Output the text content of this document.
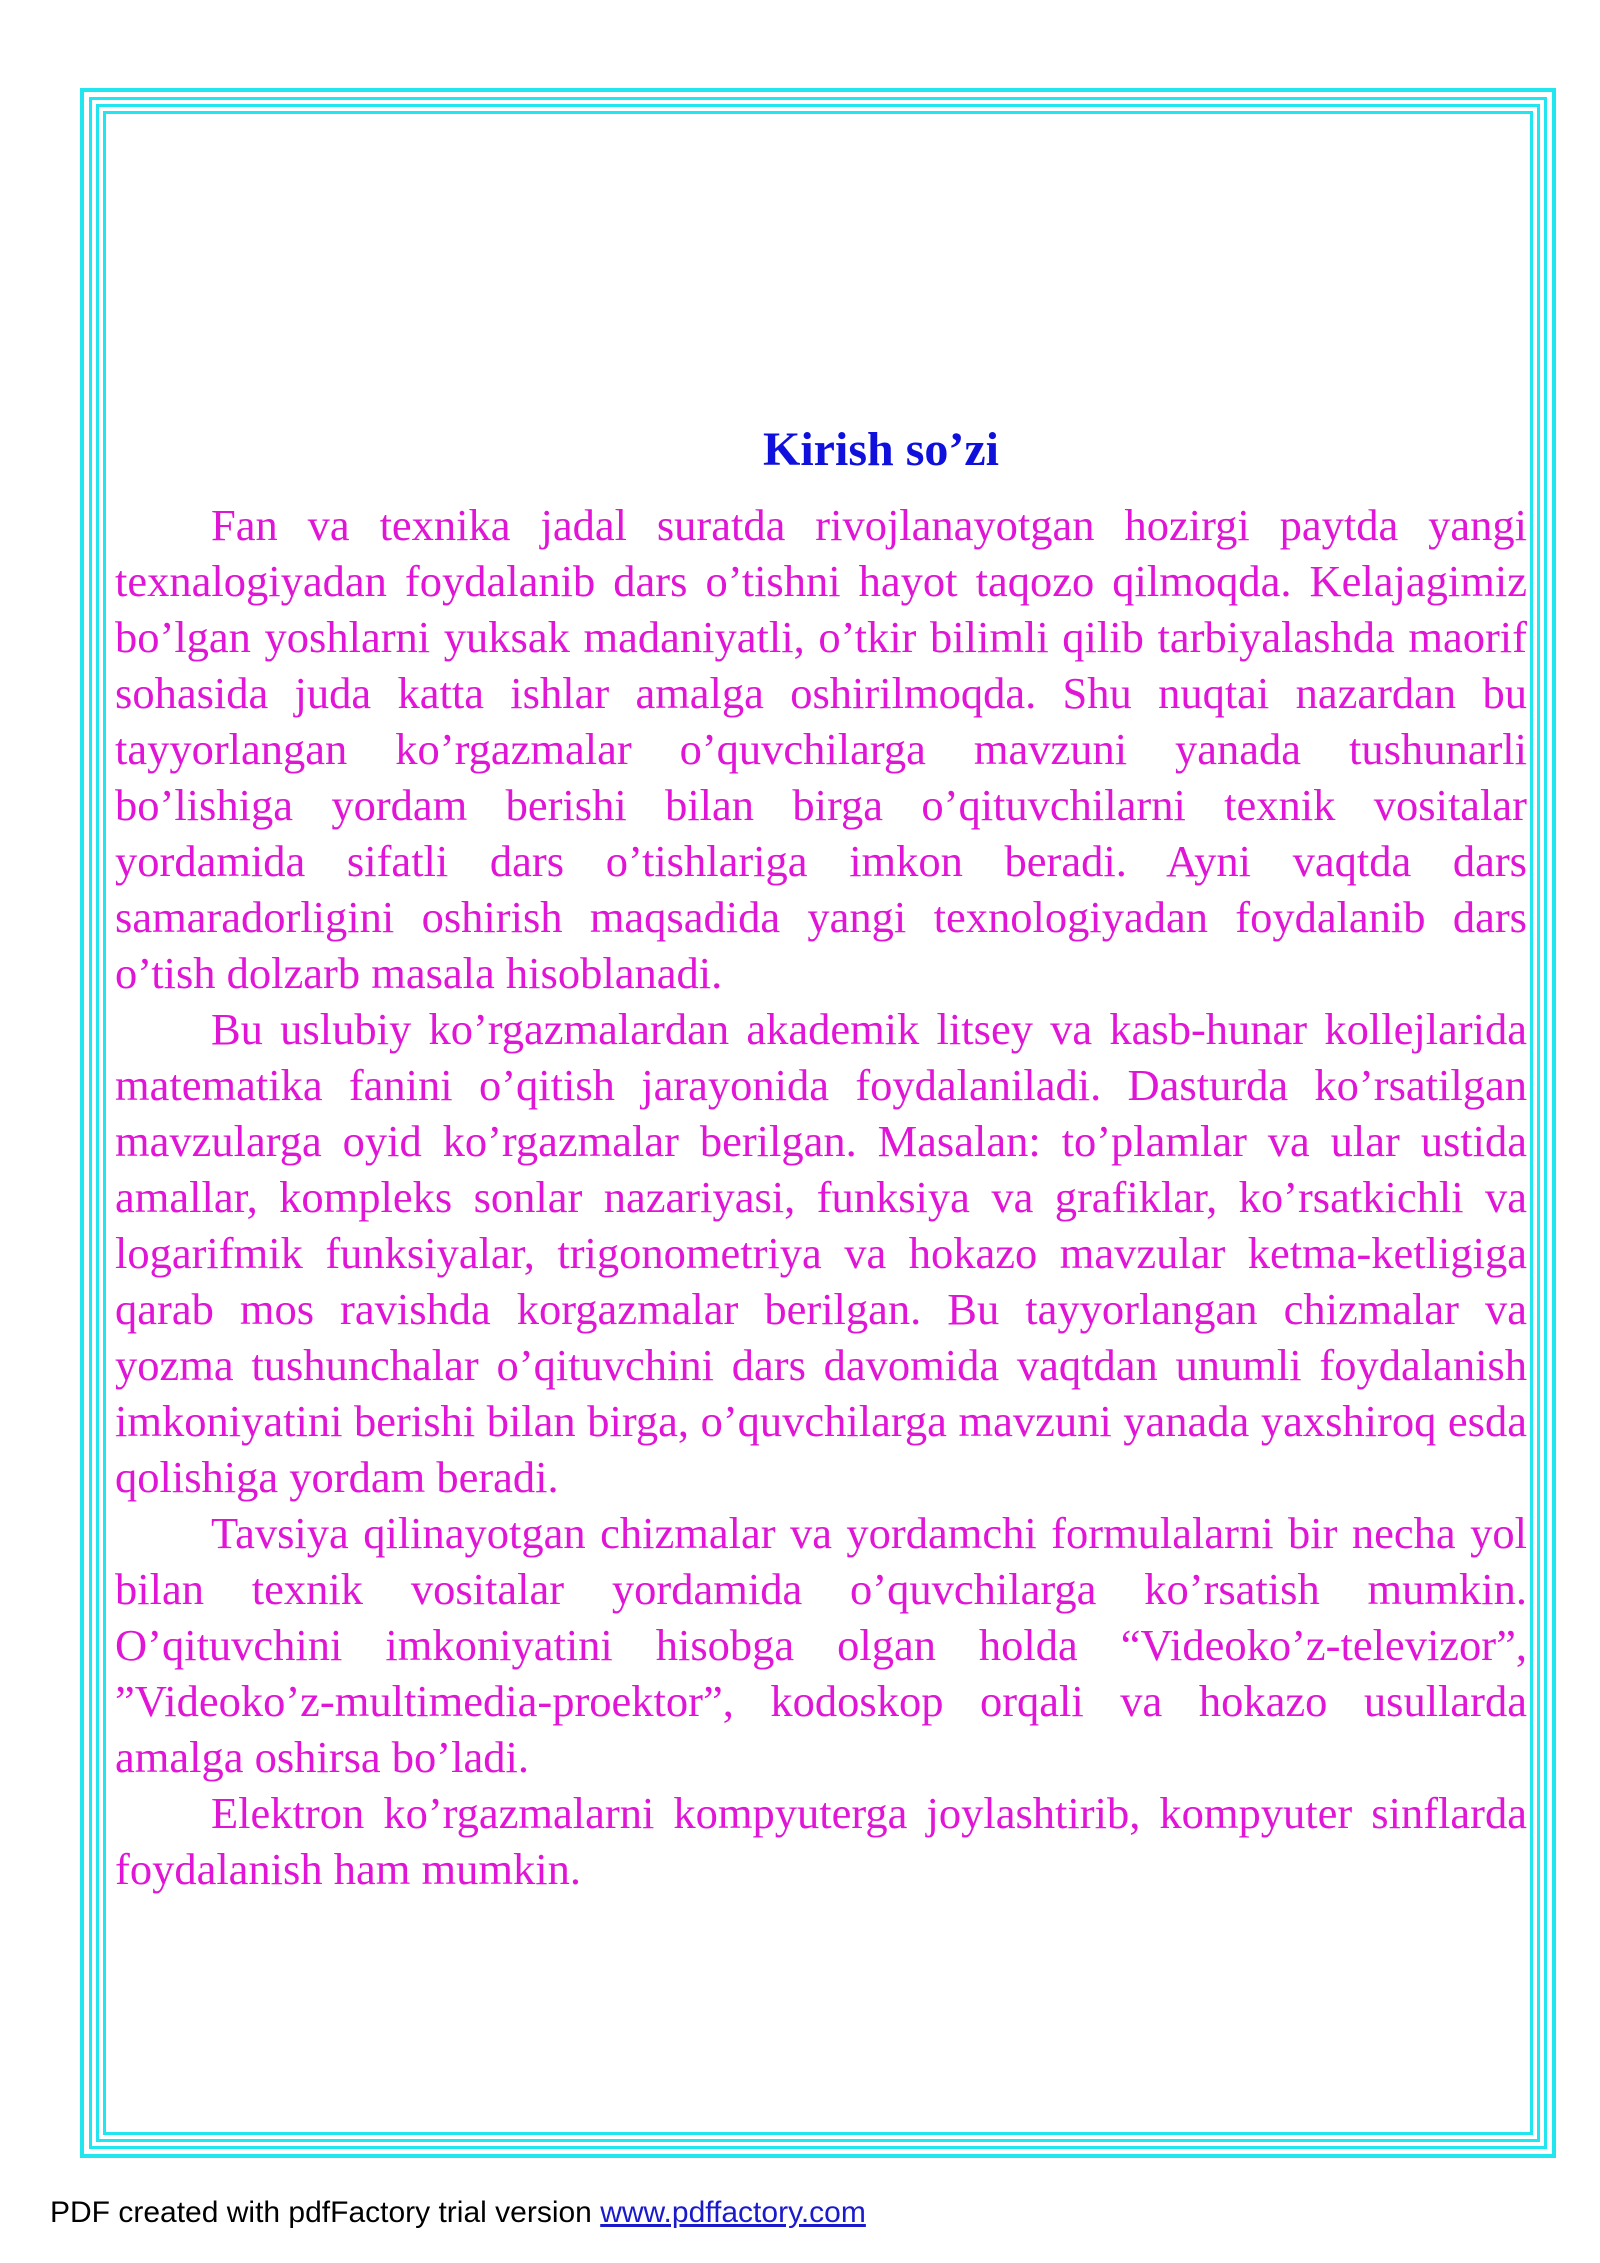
Kirish so’zi

Fan va texnika jadal suratda rivojlanayotgan hozirgi paytda yangi texnalogiyadan foydalanib dars o’tishni hayot taqozo qilmoqda. Kelajagimiz bo’lgan yoshlarni yuksak madaniyatli, o’tkir bilimli qilib tarbiyalashda maorif sohasida juda katta ishlar amalga oshirilmoqda. Shu nuqtai nazardan bu tayyorlangan ko’rgazmalar o’quvchilarga mavzuni yanada tushunarli bo’lishiga yordam berishi bilan birga o’qituvchilarni texnik vositalar yordamida sifatli dars o’tishlariga imkon beradi. Ayni vaqtda dars samaradorligini oshirish maqsadida yangi texnologiyadan foydalanib dars o’tish dolzarb masala hisoblanadi.

Bu uslubiy ko’rgazmalardan akademik litsey va kasb-hunar kollejlarida matematika fanini o’qitish jarayonida foydalaniladi. Dasturda ko’rsatilgan mavzularga oyid ko’rgazmalar berilgan. Masalan: to’plamlar va ular ustida amallar, kompleks sonlar nazariyasi, funksiya va grafiklar, ko’rsatkichli va logarifmik funksiyalar, trigonometriya va hokazo mavzular ketma-ketligiga qarab mos ravishda korgazmalar berilgan. Bu tayyorlangan chizmalar va yozma tushunchalar o’qituvchini dars davomida vaqtdan unumli foydalanish imkoniyatini berishi bilan birga, o’quvchilarga mavzuni yanada yaxshiroq esda qolishiga yordam beradi.

Tavsiya qilinayotgan chizmalar va yordamchi formulalarni bir necha yol bilan texnik vositalar yordamida o’quvchilarga ko’rsatish mumkin. O’qituvchini imkoniyatini hisobga olgan holda “Videoko’z-televizor”, ”Videoko’z-multimedia-proektor”, kodoskop orqali va hokazo usullarda amalga oshirsa bo’ladi.

Elektron ko’rgazmalarni kompyuterga joylashtirib, kompyuter sinflarda foydalanish ham mumkin.

PDF created with pdfFactory trial version www.pdffactory.com
